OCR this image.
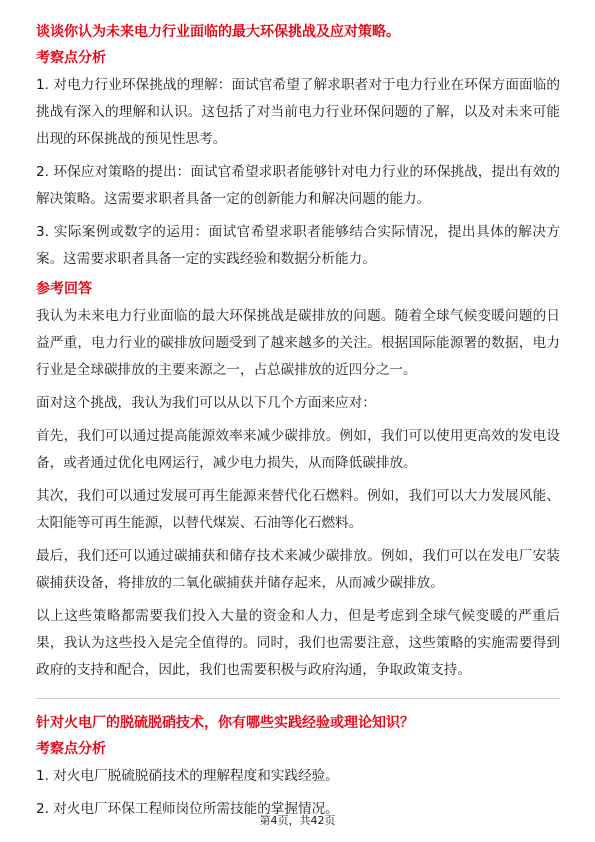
谈谈你认为未来电力行业面临的最大环保挑战及应对策略。
考察点分析

1. 对电力行业环保挑战的理解：面试官希望了解求职者对于电力行业在环保方面面临的挑战有深入的理解和认识。这包括了对当前电力行业环保问题的了解，以及对未来可能出现的环保挑战的预见性思考。

2. 环保应对策略的提出：面试官希望求职者能够针对电力行业的环保挑战，提出有效的解决策略。这需要求职者具备一定的创新能力和解决问题的能力。

3. 实际案例或数字的运用：面试官希望求职者能够结合实际情况，提出具体的解决方案。这需要求职者具备一定的实践经验和数据分析能力。

参考回答

我认为未来电力行业面临的最大环保挑战是碳排放的问题。随着全球气候变暖问题的日益严重，电力行业的碳排放问题受到了越来越多的关注。根据国际能源署的数据，电力行业是全球碳排放的主要来源之一，占总碳排放的近四分之一。

面对这个挑战，我认为我们可以从以下几个方面来应对：

首先，我们可以通过提高能源效率来减少碳排放。例如，我们可以使用更高效的发电设备，或者通过优化电网运行，减少电力损失，从而降低碳排放。

其次，我们可以通过发展可再生能源来替代化石燃料。例如，我们可以大力发展风能、太阳能等可再生能源，以替代煤炭、石油等化石燃料。

最后，我们还可以通过碳捕获和储存技术来减少碳排放。例如，我们可以在发电厂安装碳捕获设备，将排放的二氧化碳捕获并储存起来，从而减少碳排放。

以上这些策略都需要我们投入大量的资金和人力，但是考虑到全球气候变暖的严重后果，我认为这些投入是完全值得的。同时，我们也需要注意，这些策略的实施需要得到政府的支持和配合，因此，我们也需要积极与政府沟通，争取政策支持。

针对火电厂的脱硫脱硝技术，你有哪些实践经验或理论知识？
考察点分析

1. 对火电厂脱硫脱硝技术的理解程度和实践经验。

2. 对火电厂环保工程师岗位所需技能的掌握情况。

第4页，共42页
